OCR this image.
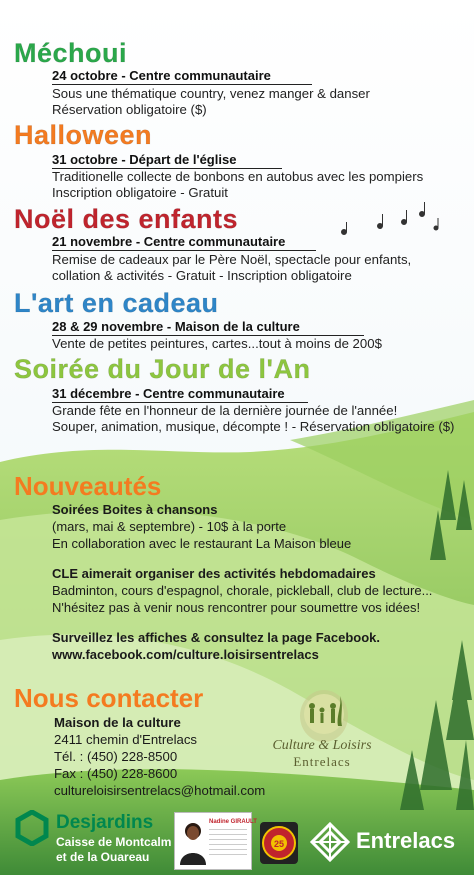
Méchoui
24 octobre - Centre communautaire
Sous une thématique country, venez manger & danser
Réservation obligatoire ($)
Halloween
31 octobre - Départ de l'église
Traditionelle collecte de bonbons en autobus avec les pompiers
Inscription obligatoire - Gratuit
Noël des enfants
21 novembre - Centre communautaire
Remise de cadeaux par le Père Noël, spectacle pour enfants,
collation & activités - Gratuit - Inscription obligatoire
L'art en cadeau
28 & 29 novembre - Maison de la culture
Vente de petites peintures, cartes...tout à moins de 200$
Soirée du Jour de l'An
31 décembre - Centre communautaire
Grande fête en l'honneur de la dernière journée de l'année!
Souper, animation, musique, décompte ! - Réservation obligatoire ($)
Nouveautés
Soirées Boites à chansons
(mars, mai & septembre) - 10$ à la porte
En collaboration avec le restaurant La Maison bleue
CLE aimerait organiser des activités hebdomadaires
Badminton, cours d'espagnol, chorale, pickleball, club de lecture...
N'hésitez pas à venir nous rencontrer pour soumettre vos idées!
Surveillez les affiches & consultez la page Facebook.
www.facebook.com/culture.loisirsentrelacs
Nous contacter
Maison de la culture
2411 chemin d'Entrelacs
Tél. : (450) 228-8500
Fax : (450) 228-8600
cultureloisirsentrelacs@hotmail.com
Culture & Loisirs
Entrelacs
Desjardins
Caisse de Montcalm
et de la Ouareau
Nadine GIRAULT
25	Entrelacs
